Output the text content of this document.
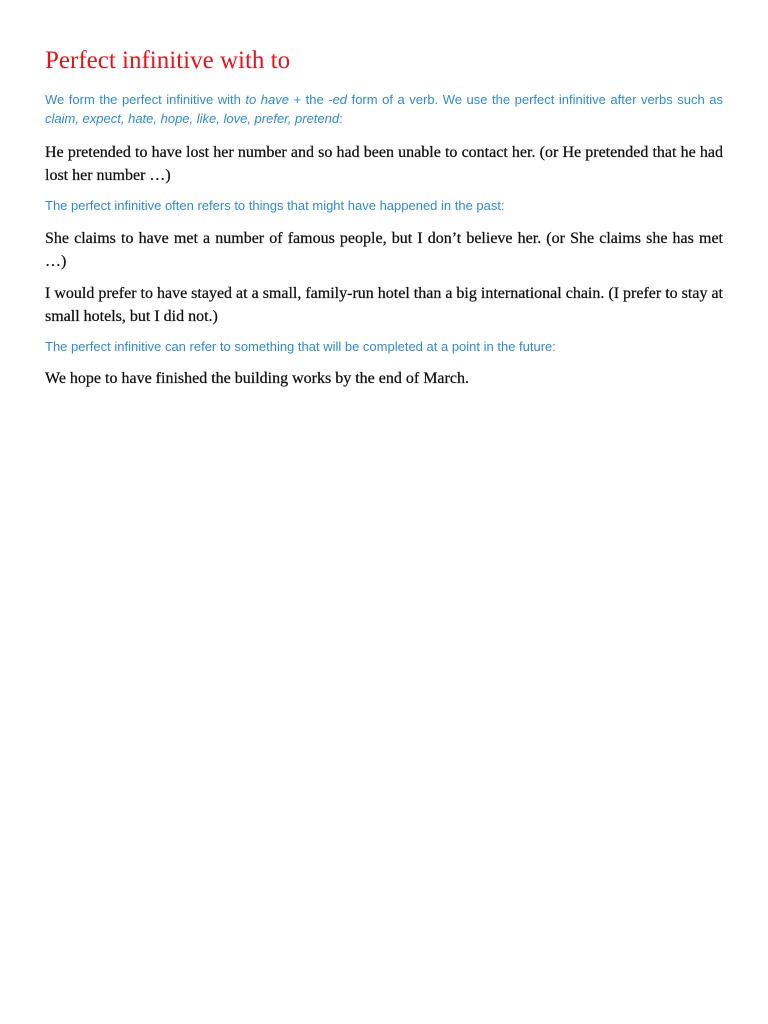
Perfect infinitive with to

We form the perfect infinitive with to have + the -ed form of a verb. We use the perfect infinitive after verbs such as claim, expect, hate, hope, like, love, prefer, pretend:

He pretended to have lost her number and so had been unable to contact her. (or He pretended that he had lost her number …)

The perfect infinitive often refers to things that might have happened in the past:

She claims to have met a number of famous people, but I don’t believe her. (or She claims she has met …)

I would prefer to have stayed at a small, family-run hotel than a big international chain. (I prefer to stay at small hotels, but I did not.)

The perfect infinitive can refer to something that will be completed at a point in the future:

We hope to have finished the building works by the end of March.
